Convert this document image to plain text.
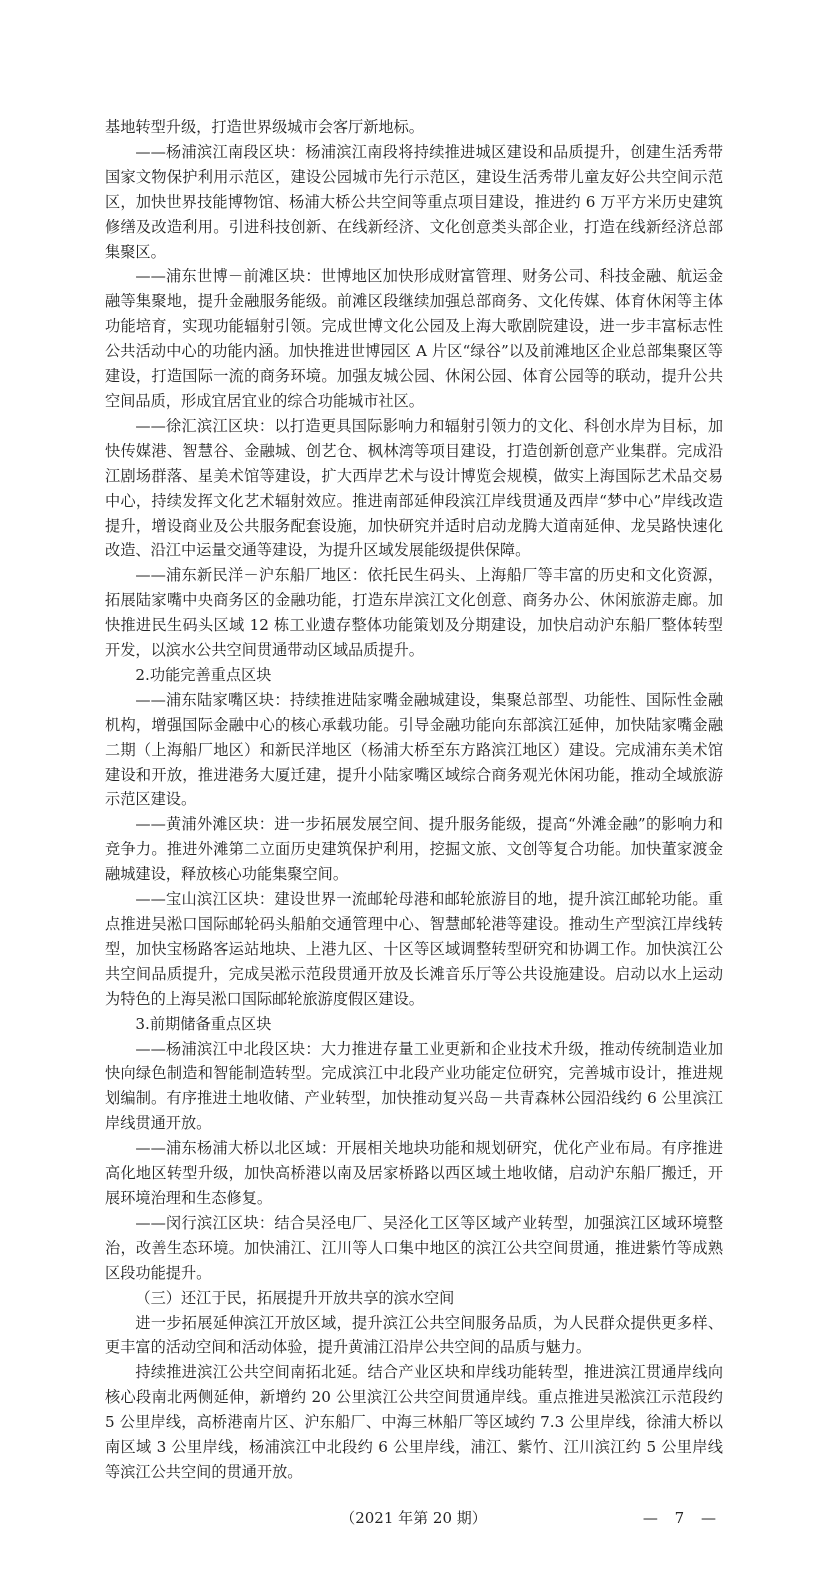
基地转型升级，打造世界级城市会客厅新地标。

——杨浦滨江南段区块：杨浦滨江南段将持续推进城区建设和品质提升，创建生活秀带国家文物保护利用示范区，建设公园城市先行示范区，建设生活秀带儿童友好公共空间示范区，加快世界技能博物馆、杨浦大桥公共空间等重点项目建设，推进约 6 万平方米历史建筑修缮及改造利用。引进科技创新、在线新经济、文化创意类头部企业，打造在线新经济总部集聚区。

——浦东世博－前滩区块：世博地区加快形成财富管理、财务公司、科技金融、航运金融等集聚地，提升金融服务能级。前滩区段继续加强总部商务、文化传媒、体育休闲等主体功能培育，实现功能辐射引领。完成世博文化公园及上海大歌剧院建设，进一步丰富标志性公共活动中心的功能内涵。加快推进世博园区 A 片区“绿谷”以及前滩地区企业总部集聚区等建设，打造国际一流的商务环境。加强友城公园、休闲公园、体育公园等的联动，提升公共空间品质，形成宜居宜业的综合功能城市社区。

——徐汇滨江区块：以打造更具国际影响力和辐射引领力的文化、科创水岸为目标，加快传媒港、智慧谷、金融城、创艺仓、枫林湾等项目建设，打造创新创意产业集群。完成沿江剧场群落、星美术馆等建设，扩大西岸艺术与设计博览会规模，做实上海国际艺术品交易中心，持续发挥文化艺术辐射效应。推进南部延伸段滨江岸线贯通及西岸“梦中心”岸线改造提升，增设商业及公共服务配套设施，加快研究并适时启动龙腾大道南延伸、龙吴路快速化改造、沿江中运量交通等建设，为提升区域发展能级提供保障。

——浦东新民洋－沪东船厂地区：依托民生码头、上海船厂等丰富的历史和文化资源，拓展陆家嘴中央商务区的金融功能，打造东岸滨江文化创意、商务办公、休闲旅游走廊。加快推进民生码头区域 12 栋工业遗存整体功能策划及分期建设，加快启动沪东船厂整体转型开发，以滨水公共空间贯通带动区域品质提升。

2.功能完善重点区块

——浦东陆家嘴区块：持续推进陆家嘴金融城建设，集聚总部型、功能性、国际性金融机构，增强国际金融中心的核心承载功能。引导金融功能向东部滨江延伸，加快陆家嘴金融二期（上海船厂地区）和新民洋地区（杨浦大桥至东方路滨江地区）建设。完成浦东美术馆建设和开放，推进港务大厦迁建，提升小陆家嘴区域综合商务观光休闲功能，推动全域旅游示范区建设。

——黄浦外滩区块：进一步拓展发展空间、提升服务能级，提高“外滩金融”的影响力和竞争力。推进外滩第二立面历史建筑保护利用，挖掘文旅、文创等复合功能。加快董家渡金融城建设，释放核心功能集聚空间。

——宝山滨江区块：建设世界一流邮轮母港和邮轮旅游目的地，提升滨江邮轮功能。重点推进吴淞口国际邮轮码头船舶交通管理中心、智慧邮轮港等建设。推动生产型滨江岸线转型，加快宝杨路客运站地块、上港九区、十区等区域调整转型研究和协调工作。加快滨江公共空间品质提升，完成吴淞示范段贯通开放及长滩音乐厅等公共设施建设。启动以水上运动为特色的上海吴淞口国际邮轮旅游度假区建设。

3.前期储备重点区块

——杨浦滨江中北段区块：大力推进存量工业更新和企业技术升级，推动传统制造业加快向绿色制造和智能制造转型。完成滨江中北段产业功能定位研究，完善城市设计，推进规划编制。有序推进土地收储、产业转型，加快推动复兴岛－共青森林公园沿线约 6 公里滨江岸线贯通开放。

——浦东杨浦大桥以北区域：开展相关地块功能和规划研究，优化产业布局。有序推进高化地区转型升级，加快高桥港以南及居家桥路以西区域土地收储，启动沪东船厂搬迁，开展环境治理和生态修复。

——闵行滨江区块：结合吴泾电厂、吴泾化工区等区域产业转型，加强滨江区域环境整治，改善生态环境。加快浦江、江川等人口集中地区的滨江公共空间贯通，推进紫竹等成熟区段功能提升。

（三）还江于民，拓展提升开放共享的滨水空间

进一步拓展延伸滨江开放区域，提升滨江公共空间服务品质，为人民群众提供更多样、更丰富的活动空间和活动体验，提升黄浦江沿岸公共空间的品质与魅力。

持续推进滨江公共空间南拓北延。结合产业区块和岸线功能转型，推进滨江贯通岸线向核心段南北两侧延伸，新增约 20 公里滨江公共空间贯通岸线。重点推进吴淞滨江示范段约 5 公里岸线，高桥港南片区、沪东船厂、中海三林船厂等区域约 7.3 公里岸线，徐浦大桥以南区域 3 公里岸线，杨浦滨江中北段约 6 公里岸线，浦江、紫竹、江川滨江约 5 公里岸线等滨江公共空间的贯通开放。

（2021 年第 20 期）	— 7 —
